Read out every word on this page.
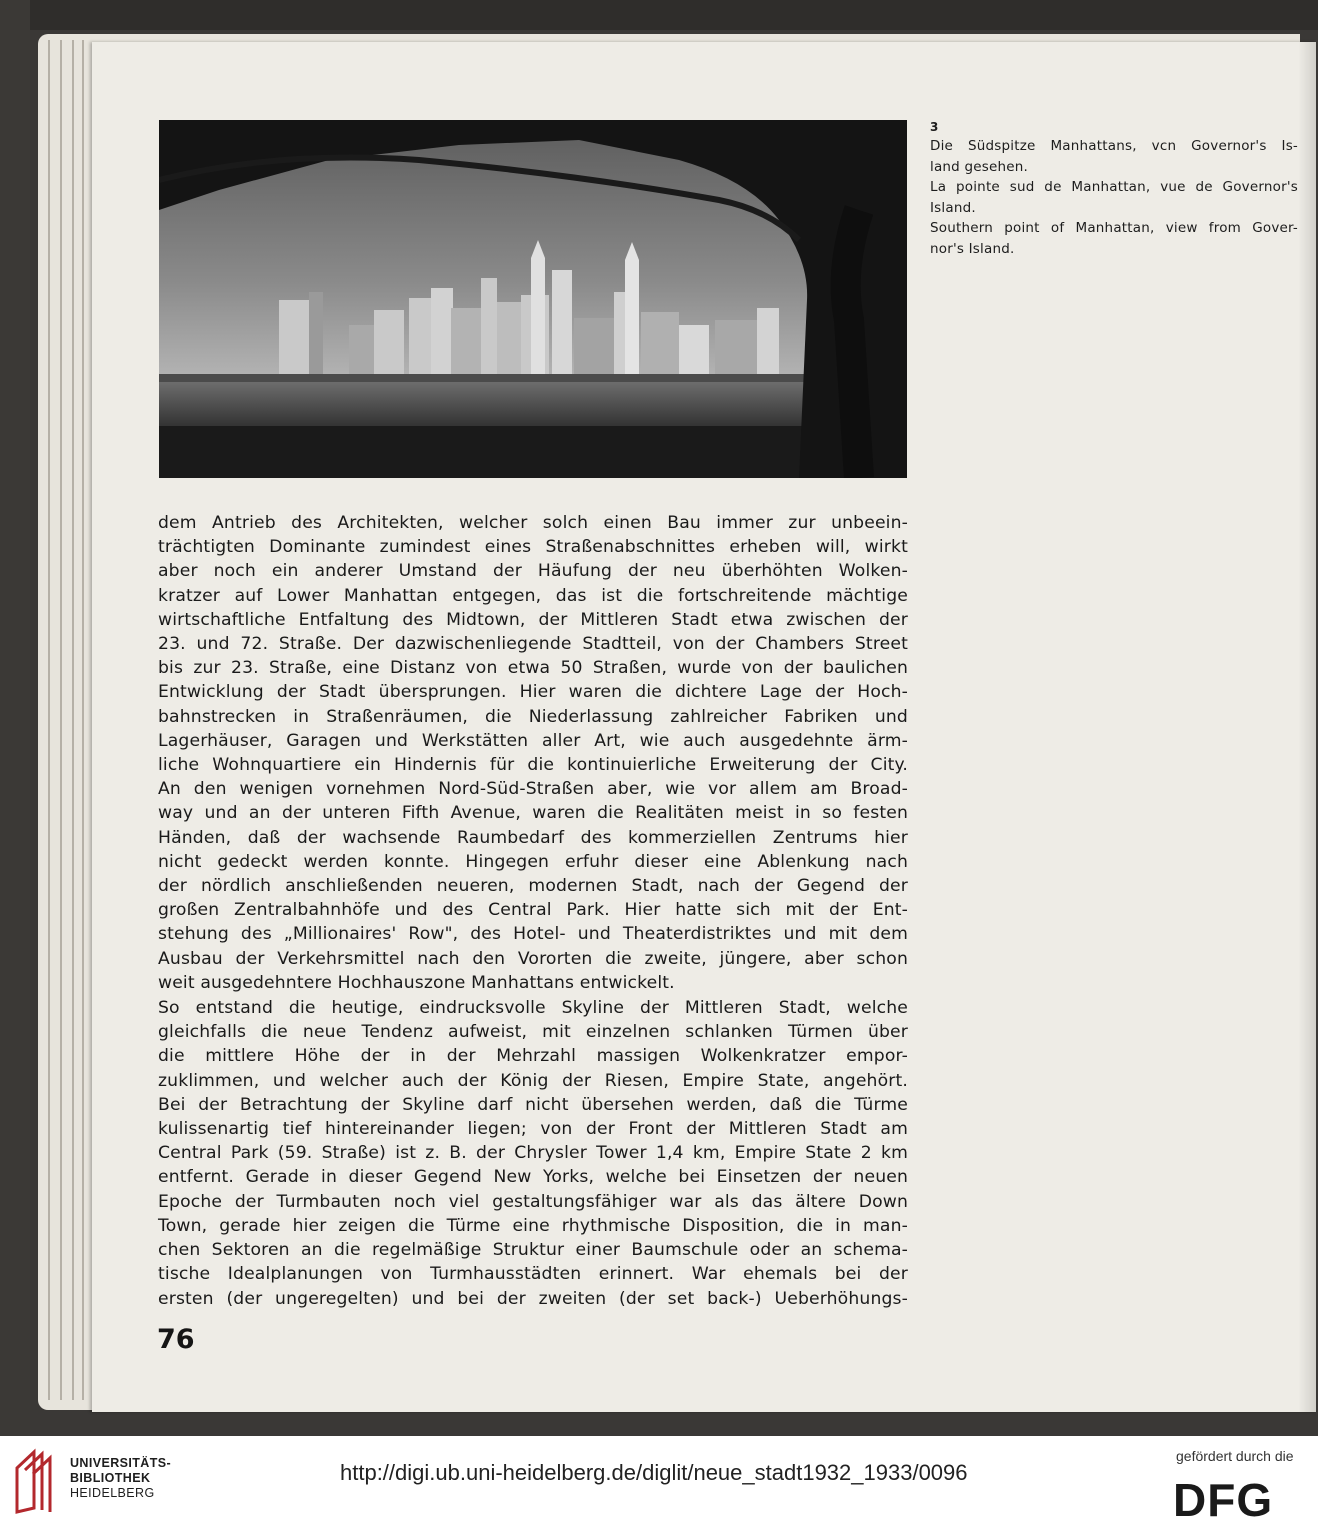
3

Die Südspitze Manhattans, vcn Governor's Is-

land gesehen.

La pointe sud de Manhattan, vue de Governor's

Island.

Southern point of Manhattan, view from Gover-

nor's Island.

dem Antrieb des Architekten, welcher solch einen Bau immer zur unbeein-

trächtigten Dominante zumindest eines Straßenabschnittes erheben will, wirkt

aber noch ein anderer Umstand der Häufung der neu überhöhten Wolken-

kratzer auf Lower Manhattan entgegen, das ist die fortschreitende mächtige

wirtschaftliche Entfaltung des Midtown, der Mittleren Stadt etwa zwischen der

23. und 72. Straße. Der dazwischenliegende Stadtteil, von der Chambers Street

bis zur 23. Straße, eine Distanz von etwa 50 Straßen, wurde von der baulichen

Entwicklung der Stadt übersprungen. Hier waren die dichtere Lage der Hoch-

bahnstrecken in Straßenräumen, die Niederlassung zahlreicher Fabriken und

Lagerhäuser, Garagen und Werkstätten aller Art, wie auch ausgedehnte ärm-

liche Wohnquartiere ein Hindernis für die kontinuierliche Erweiterung der City.

An den wenigen vornehmen Nord-Süd-Straßen aber, wie vor allem am Broad-

way und an der unteren Fifth Avenue, waren die Realitäten meist in so festen

Händen, daß der wachsende Raumbedarf des kommerziellen Zentrums hier

nicht gedeckt werden konnte. Hingegen erfuhr dieser eine Ablenkung nach

der nördlich anschließenden neueren, modernen Stadt, nach der Gegend der

großen Zentralbahnhöfe und des Central Park. Hier hatte sich mit der Ent-

stehung des „Millionaires' Row", des Hotel- und Theaterdistriktes und mit dem

Ausbau der Verkehrsmittel nach den Vororten die zweite, jüngere, aber schon

weit ausgedehntere Hochhauszone Manhattans entwickelt.

So entstand die heutige, eindrucksvolle Skyline der Mittleren Stadt, welche

gleichfalls die neue Tendenz aufweist, mit einzelnen schlanken Türmen über

die mittlere Höhe der in der Mehrzahl massigen Wolkenkratzer empor-

zuklimmen, und welcher auch der König der Riesen, Empire State, angehört.

Bei der Betrachtung der Skyline darf nicht übersehen werden, daß die Türme

kulissenartig tief hintereinander liegen; von der Front der Mittleren Stadt am

Central Park (59. Straße) ist z. B. der Chrysler Tower 1,4 km, Empire State 2 km

entfernt. Gerade in dieser Gegend New Yorks, welche bei Einsetzen der neuen

Epoche der Turmbauten noch viel gestaltungsfähiger war als das ältere Down

Town, gerade hier zeigen die Türme eine rhythmische Disposition, die in man-

chen Sektoren an die regelmäßige Struktur einer Baumschule oder an schema-

tische Idealplanungen von Turmhausstädten erinnert. War ehemals bei der

ersten (der ungeregelten) und bei der zweiten (der set back-) Ueberhöhungs-

76
UNIVERSITÄTS-
BIBLIOTHEK
HEIDELBERG
http://digi.ub.uni-heidelberg.de/diglit/neue_stadt1932_1933/0096
gefördert durch die
DFG
